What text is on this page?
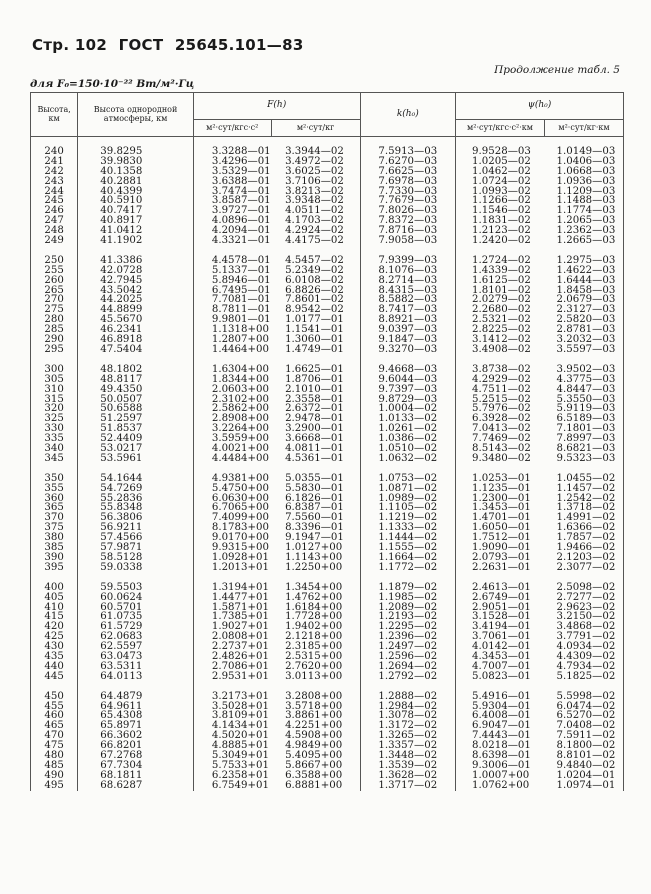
Стр. 102 ГОСТ 25645.101—83
Продолжение табл. 5
для F₀=150·10⁻²² Вт/м²·Гц
Высота, км	Высота однородной атмосферы, км	F(h)		k(h₀)	ψ(h₀)	
		м²·сут/кгс·с²	м²·сут/кг		м²·сут/кгс·с²·км	м²·сут/кг·км

240	39.8295	3.3288—01	3.3944—02	7.5913—03	9.9528—03	1.0149—03
241	39.9830	3.4296—01	3.4972—02	7.6270—03	1.0205—02	1.0406—03
242	40.1358	3.5329—01	3.6025—02	7.6625—03	1.0462—02	1.0668—03
243	40.2881	3.6388—01	3.7106—02	7.6978—03	1.0724—02	1.0936—03
244	40.4399	3.7474—01	3.8213—02	7.7330—03	1.0993—02	1.1209—03
245	40.5910	3.8587—01	3.9348—02	7.7679—03	1.1266—02	1.1488—03
246	40.7417	3.9727—01	4.0511—02	7.8026—03	1.1546—02	1.1774—03
247	40.8917	4.0896—01	4.1703—02	7.8372—03	1.1831—02	1.2065—03
248	41.0412	4.2094—01	4.2924—02	7.8716—03	1.2123—02	1.2362—03
249	41.1902	4.3321—01	4.4175—02	7.9058—03	1.2420—02	1.2665—03

250	41.3386	4.4578—01	4.5457—02	7.9399—03	1.2724—02	1.2975—03
255	42.0728	5.1337—01	5.2349—02	8.1076—03	1.4339—02	1.4622—03
260	42.7945	5.8946—01	6.0108—02	8.2714—03	1.6125—02	1.6444—03
265	43.5042	6.7495—01	6.8826—02	8.4315—03	1.8101—02	1.8458—03
270	44.2025	7.7081—01	7.8601—02	8.5882—03	2.0279—02	2.0679—03
275	44.8899	8.7811—01	8.9542—02	8.7417—03	2.2680—02	2.3127—03
280	45.5670	9.9801—01	1.0177—01	8.8921—03	2.5321—02	2.5820—03
285	46.2341	1.1318+00	1.1541—01	9.0397—03	2.8225—02	2.8781—03
290	46.8918	1.2807+00	1.3060—01	9.1847—03	3.1412—02	3.2032—03
295	47.5404	1.4464+00	1.4749—01	9.3270—03	3.4908—02	3.5597—03

300	48.1802	1.6304+00	1.6625—01	9.4668—03	3.8738—02	3.9502—03
305	48.8117	1.8344+00	1.8706—01	9.6044—03	4.2929—02	4.3775—03
310	49.4350	2.0603+00	2.1010—01	9.7397—03	4.7511—02	4.8447—03
315	50.0507	2.3102+00	2.3558—01	9.8729—03	5.2515—02	5.3550—03
320	50.6588	2.5862+00	2.6372—01	1.0004—02	5.7976—02	5.9119—03
325	51.2597	2.8908+00	2.9478—01	1.0133—02	6.3928—02	6.5189—03
330	51.8537	3.2264+00	3.2900—01	1.0261—02	7.0413—02	7.1801—03
335	52.4409	3.5959+00	3.6668—01	1.0386—02	7.7469—02	7.8997—03
340	53.0217	4.0021+00	4.0811—01	1.0510—02	8.5143—02	8.6821—03
345	53.5961	4.4484+00	4.5361—01	1.0632—02	9.3480—02	9.5323—03

350	54.1644	4.9381+00	5.0355—01	1.0753—02	1.0253—01	1.0455—02
355	54.7269	5.4750+00	5.5830—01	1.0871—02	1.1235—01	1.1457—02
360	55.2836	6.0630+00	6.1826—01	1.0989—02	1.2300—01	1.2542—02
365	55.8348	6.7065+00	6.8387—01	1.1105—02	1.3453—01	1.3718—02
370	56.3806	7.4099+00	7.5560—01	1.1219—02	1.4701—01	1.4991—02
375	56.9211	8.1783+00	8.3396—01	1.1333—02	1.6050—01	1.6366—02
380	57.4566	9.0170+00	9.1947—01	1.1444—02	1.7512—01	1.7857—02
385	57.9871	9.9315+00	1.0127+00	1.1555—02	1.9090—01	1.9466—02
390	58.5128	1.0928+01	1.1143+00	1.1664—02	2.0793—01	2.1203—02
395	59.0338	1.2013+01	1.2250+00	1.1772—02	2.2631—01	2.3077—02

400	59.5503	1.3194+01	1.3454+00	1.1879—02	2.4613—01	2.5098—02
405	60.0624	1.4477+01	1.4762+00	1.1985—02	2.6749—01	2.7277—02
410	60.5701	1.5871+01	1.6184+00	1.2089—02	2.9051—01	2.9623—02
415	61.0735	1.7385+01	1.7728+00	1.2193—02	3.1528—01	3.2150—02
420	61.5729	1.9027+01	1.9402+00	1.2295—02	3.4194—01	3.4868—02
425	62.0683	2.0808+01	2.1218+00	1.2396—02	3.7061—01	3.7791—02
430	62.5597	2.2737+01	2.3185+00	1.2497—02	4.0142—01	4.0934—02
435	63.0473	2.4826+01	2.5315+00	1.2596—02	4.3453—01	4.4309—02
440	63.5311	2.7086+01	2.7620+00	1.2694—02	4.7007—01	4.7934—02
445	64.0113	2.9531+01	3.0113+00	1.2792—02	5.0823—01	5.1825—02

450	64.4879	3.2173+01	3.2808+00	1.2888—02	5.4916—01	5.5998—02
455	64.9611	3.5028+01	3.5718+00	1.2984—02	5.9304—01	6.0474—02
460	65.4308	3.8109+01	3.8861+00	1.3078—02	6.4008—01	6.5270—02
465	65.8971	4.1434+01	4.2251+00	1.3172—02	6.9047—01	7.0408—02
470	66.3602	4.5020+01	4.5908+00	1.3265—02	7.4443—01	7.5911—02
475	66.8201	4.8885+01	4.9849+00	1.3357—02	8.0218—01	8.1800—02
480	67.2768	5.3049+01	5.4095+00	1.3448—02	8.6398—01	8.8101—02
485	67.7304	5.7533+01	5.8667+00	1.3539—02	9.3006—01	9.4840—02
490	68.1811	6.2358+01	6.3588+00	1.3628—02	1.0007+00	1.0204—01
495	68.6287	6.7549+01	6.8881+00	1.3717—02	1.0762+00	1.0974—01
